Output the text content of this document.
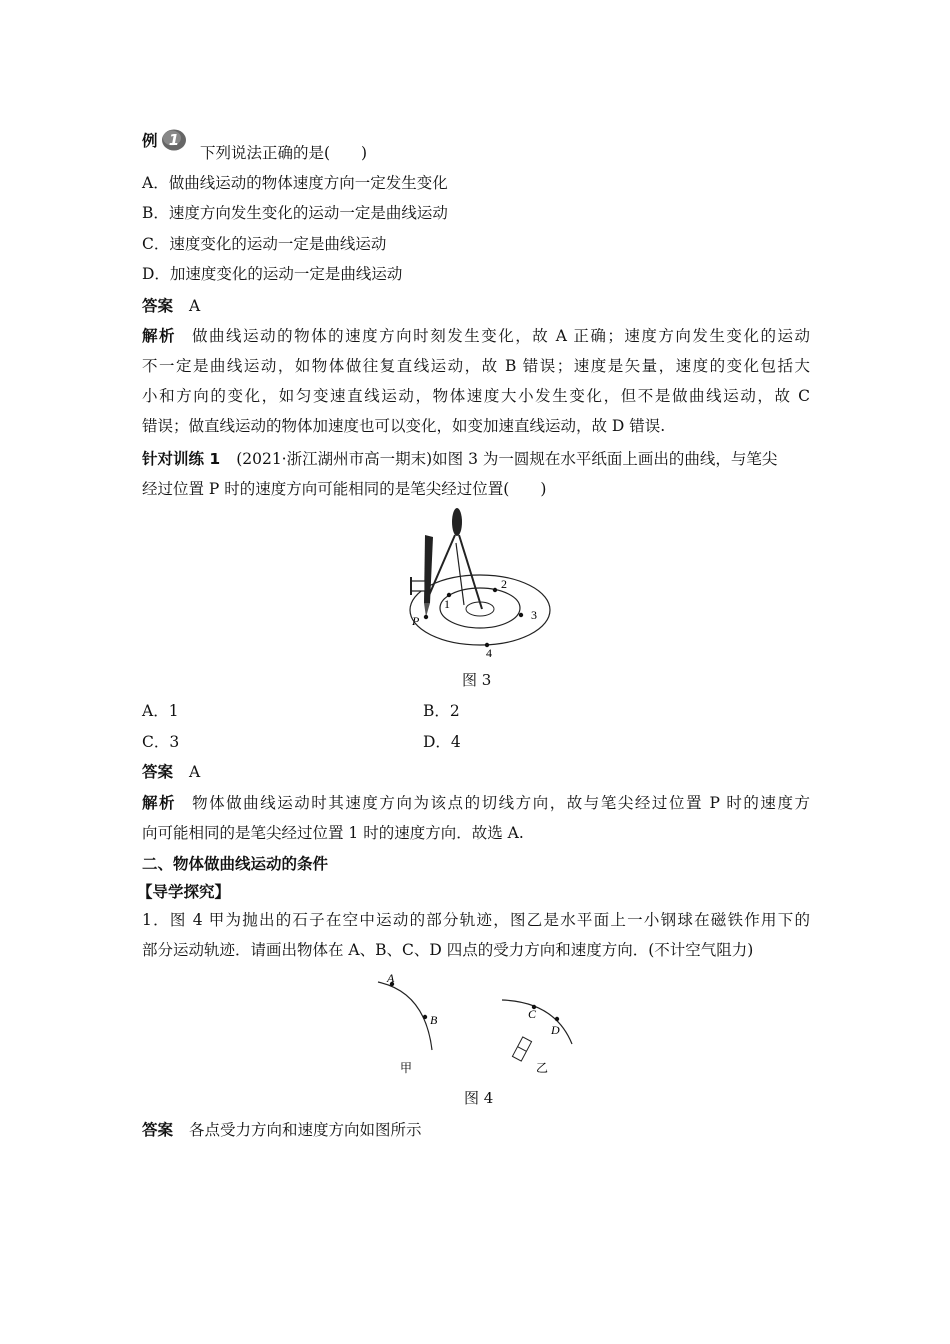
例 1
下列说法正确的是(　　)
A．做曲线运动的物体速度方向一定发生变化
B．速度方向发生变化的运动一定是曲线运动
C．速度变化的运动一定是曲线运动
D．加速度变化的运动一定是曲线运动
答案 A
解析 做曲线运动的物体的速度方向时刻发生变化，故 A 正确；速度方向发生变化的运动
不一定是曲线运动，如物体做往复直线运动，故 B 错误；速度是矢量，速度的变化包括大
小和方向的变化，如匀变速直线运动，物体速度大小发生变化，但不是做曲线运动，故 C
错误；做直线运动的物体加速度也可以变化，如变加速直线运动，故 D 错误.
针对训练 1 (2021·浙江湖州市高一期末)如图 3 为一圆规在水平纸面上画出的曲线，与笔尖
经过位置 P 时的速度方向可能相同的是笔尖经过位置(　　)
P
1
2
3
4
图 3
A．1	B．2
C．3	D．4
答案 A
解析 物体做曲线运动时其速度方向为该点的切线方向，故与笔尖经过位置 P 时的速度方
向可能相同的是笔尖经过位置 1 时的速度方向．故选 A.
二、物体做曲线运动的条件
【导学探究】
1．图 4 甲为抛出的石子在空中运动的部分轨迹，图乙是水平面上一小钢球在磁铁作用下的
部分运动轨迹．请画出物体在 A、B、C、D 四点的受力方向和速度方向．(不计空气阻力)
A
B
甲
C
D
乙
图 4
答案 各点受力方向和速度方向如图所示
